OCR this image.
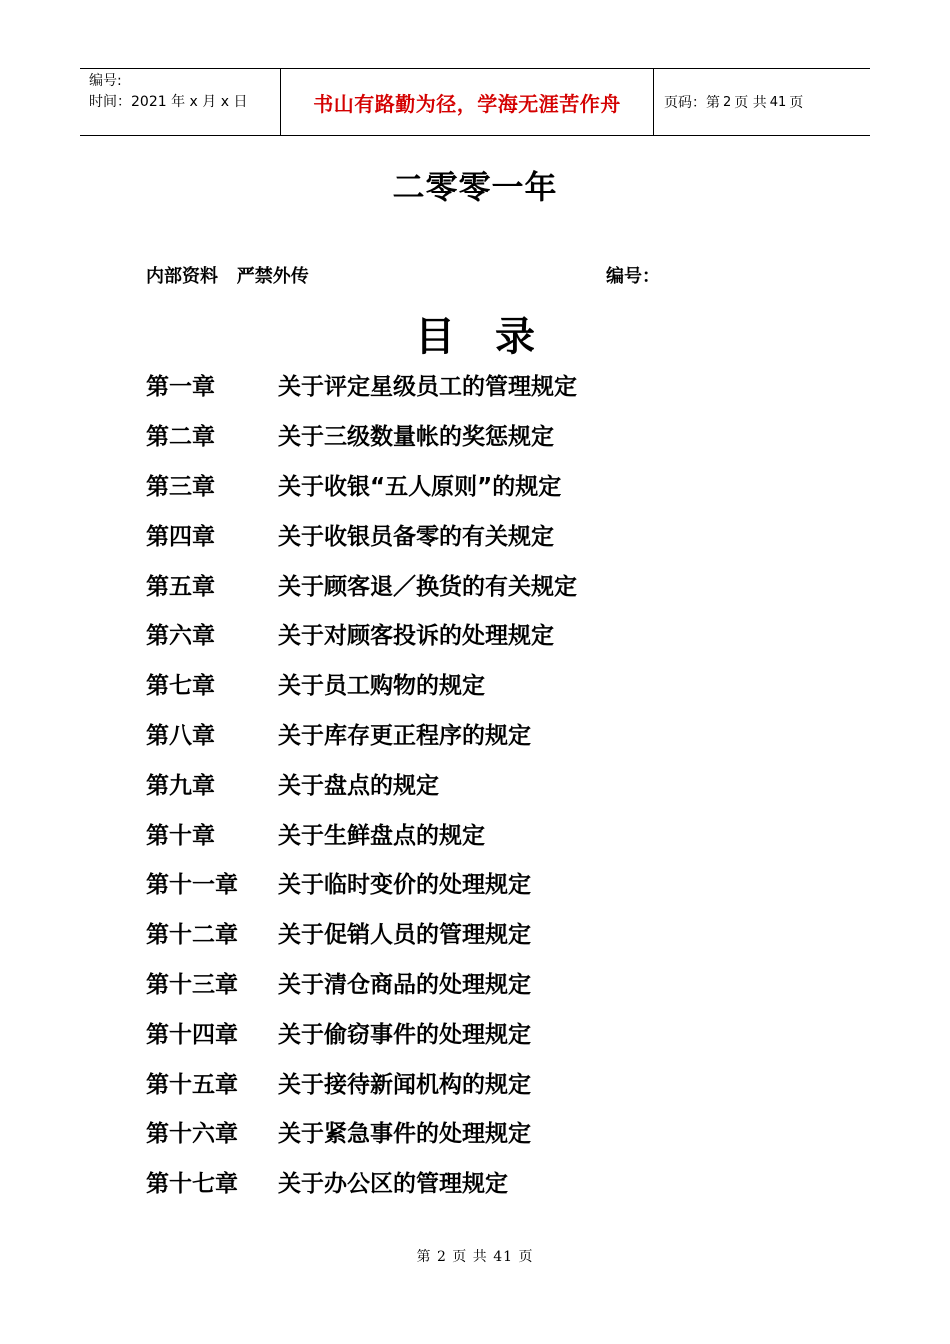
编号:
时间：2021 年 x 月 x 日	书山有路勤为径，学海无涯苦作舟	页码：第 2 页 共 41 页
二零零一年
内部资料   严禁外传	编号：
目录
第一章	关于评定星级员工的管理规定
第二章	关于三级数量帐的奖惩规定
第三章	关于收银“五人原则”的规定
第四章	关于收银员备零的有关规定
第五章	关于顾客退／换货的有关规定
第六章	关于对顾客投诉的处理规定
第七章	关于员工购物的规定
第八章	关于库存更正程序的规定
第九章	关于盘点的规定
第十章	关于生鲜盘点的规定
第十一章	关于临时变价的处理规定
第十二章	关于促销人员的管理规定
第十三章	关于清仓商品的处理规定
第十四章	关于偷窃事件的处理规定
第十五章	关于接待新闻机构的规定
第十六章	关于紧急事件的处理规定
第十七章	关于办公区的管理规定
第 2 页 共 41 页
